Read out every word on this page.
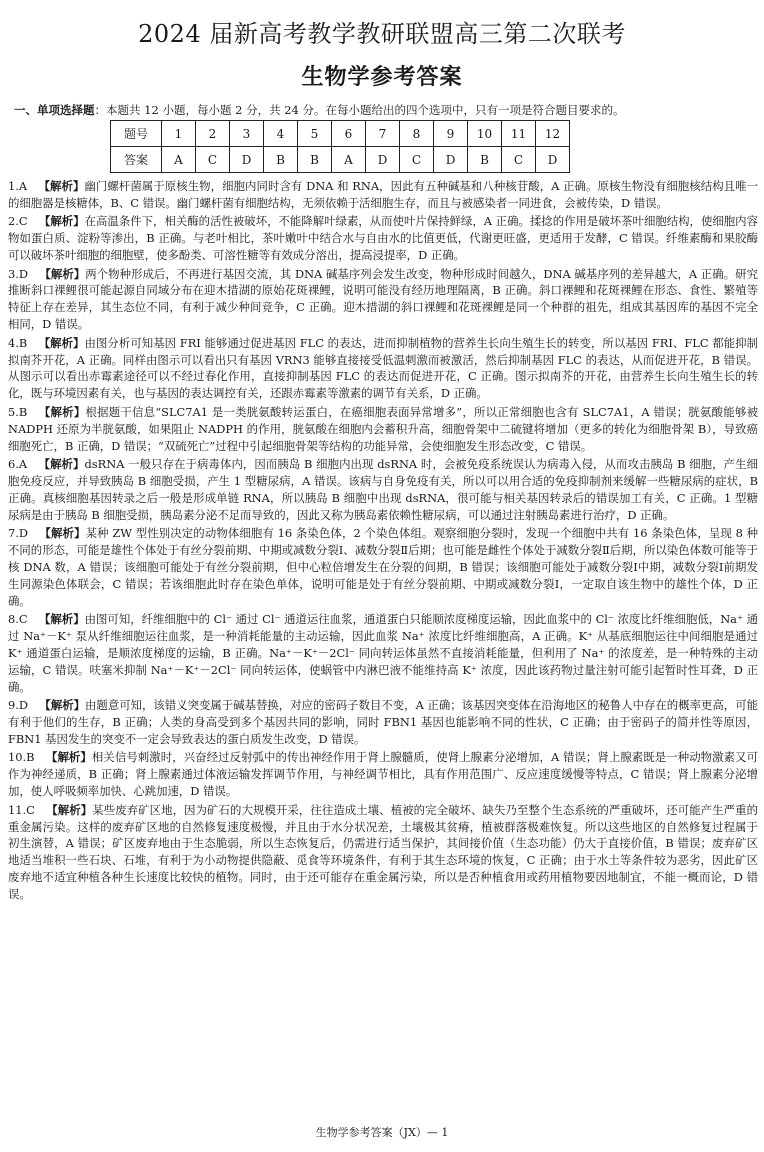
2024 届新高考教学教研联盟高三第二次联考
生物学参考答案
一、单项选择题：本题共 12 小题，每小题 2 分，共 24 分。在每小题给出的四个选项中，只有一项是符合题目要求的。
题号	1	2	3	4	5	6	7	8	9	10	11	12
答案	A	C	D	B	B	A	D	C	D	B	C	D

1.A  【解析】幽门螺杆菌属于原核生物，细胞内同时含有 DNA 和 RNA，因此有五种碱基和八种核苷酸，A 正确。原核生物没有细胞核结构且唯一的细胞器是核糖体，B、C 错误。幽门螺杆菌有细胞结构，无须依赖于活细胞生存，而且与被感染者一同进食，会被传染，D 错误。

2.C  【解析】在高温条件下，相关酶的活性被破坏，不能降解叶绿素，从而使叶片保持鲜绿，A 正确。揉捻的作用是破坏茶叶细胞结构，使细胞内容物如蛋白质、淀粉等渗出，B 正确。与老叶相比，茶叶嫩叶中结合水与自由水的比值更低，代谢更旺盛，更适用于发酵，C 错误。纤维素酶和果胶酶可以破坏茶叶细胞的细胞壁，使多酚类、可溶性糖等有效成分溶出，提高浸提率，D 正确。

3.D  【解析】两个物种形成后，不再进行基因交流，其 DNA 碱基序列会发生改变，物种形成时间越久，DNA 碱基序列的差异越大，A 正确。研究推断斜口裸鲤很可能起源自同域分布在迎木措湖的原始花斑裸鲤，说明可能没有经历地理隔离，B 正确。斜口裸鲤和花斑裸鲤在形态、食性、繁殖等特征上存在差异，其生态位不同，有利于减少种间竞争，C 正确。迎木措湖的斜口裸鲤和花斑裸鲤是同一个种群的祖先，组成其基因库的基因不完全相同，D 错误。

4.B  【解析】由图分析可知基因 FRI 能够通过促进基因 FLC 的表达，进而抑制植物的营养生长向生殖生长的转变，所以基因 FRI、FLC 都能抑制拟南芥开花，A 正确。同样由图示可以看出只有基因 VRN3 能够直接接受低温刺激而被激活，然后抑制基因 FLC 的表达，从而促进开花，B 错误。从图示可以看出赤霉素途径可以不经过春化作用，直接抑制基因 FLC 的表达而促进开花，C 正确。图示拟南芥的开花，由营养生长向生殖生长的转化，既与环境因素有关，也与基因的表达调控有关，还跟赤霉素等激素的调节有关系，D 正确。

5.B  【解析】根据题干信息“SLC7A1 是一类胱氨酸转运蛋白，在癌细胞表面异常增多”，所以正常细胞也含有 SLC7A1，A 错误；胱氨酸能够被 NADPH 还原为半胱氨酸，如果阻止 NADPH 的作用，胱氨酸在细胞内会蓄积升高，细胞骨架中二硫键将增加（更多的转化为细胞骨架 B），导致癌细胞死亡，B 正确，D 错误；“双硫死亡”过程中引起细胞骨架等结构的功能异常，会使细胞发生形态改变，C 错误。

6.A  【解析】dsRNA 一般只存在于病毒体内，因而胰岛 B 细胞内出现 dsRNA 时，会被免疫系统误认为病毒入侵，从而攻击胰岛 B 细胞，产生细胞免疫反应，并导致胰岛 B 细胞受损，产生 1 型糖尿病，A 错误。该病与自身免疫有关，所以可以用合适的免疫抑制剂来缓解一些糖尿病的症状，B 正确。真核细胞基因转录之后一般是形成单链 RNA，所以胰岛 B 细胞中出现 dsRNA，很可能与相关基因转录后的错误加工有关，C 正确。1 型糖尿病是由于胰岛 B 细胞受损，胰岛素分泌不足而导致的，因此又称为胰岛素依赖性糖尿病，可以通过注射胰岛素进行治疗，D 正确。

7.D  【解析】某种 ZW 型性别决定的动物体细胞有 16 条染色体，2 个染色体组。观察细胞分裂时，发现一个细胞中共有 16 条染色体，呈现 8 种不同的形态，可能是雄性个体处于有丝分裂前期、中期或减数分裂Ⅰ、减数分裂Ⅱ后期；也可能是雌性个体处于减数分裂Ⅱ后期，所以染色体数可能等于核 DNA 数，A 错误；该细胞可能处于有丝分裂前期，但中心粒倍增发生在分裂的间期，B 错误；该细胞可能处于减数分裂Ⅰ中期，减数分裂Ⅰ前期发生同源染色体联会，C 错误；若该细胞此时存在染色单体，说明可能是处于有丝分裂前期、中期或减数分裂Ⅰ，一定取自该生物中的雄性个体，D 正确。

8.C  【解析】由图可知，纤维细胞中的 Cl⁻ 通过 Cl⁻ 通道运往血浆，通道蛋白只能顺浓度梯度运输，因此血浆中的 Cl⁻ 浓度比纤维细胞低，Na⁺ 通过 Na⁺－K⁺ 泵从纤维细胞运往血浆，是一种消耗能量的主动运输，因此血浆 Na⁺ 浓度比纤维细胞高，A 正确。K⁺ 从基底细胞运往中间细胞是通过 K⁺ 通道蛋白运输，是顺浓度梯度的运输，B 正确。Na⁺－K⁺－2Cl⁻ 同向转运体虽然不直接消耗能量，但利用了 Na⁺ 的浓度差，是一种特殊的主动运输，C 错误。呋塞米抑制 Na⁺－K⁺－2Cl⁻ 同向转运体，使蜗管中内淋巴液不能维持高 K⁺ 浓度，因此该药物过量注射可能引起暂时性耳聋，D 正确。

9.D  【解析】由题意可知，该错义突变属于碱基替换，对应的密码子数目不变，A 正确；该基因突变体在沿海地区的秘鲁人中存在的概率更高，可能有利于他们的生存，B 正确；人类的身高受到多个基因共同的影响，同时 FBN1 基因也能影响不同的性状，C 正确；由于密码子的简并性等原因，FBN1 基因发生的突变不一定会导致表达的蛋白质发生改变，D 错误。

10.B  【解析】相关信号刺激时，兴奋经过反射弧中的传出神经作用于肾上腺髓质，使肾上腺素分泌增加，A 错误；肾上腺素既是一种动物激素又可作为神经递质，B 正确；肾上腺素通过体液运输发挥调节作用，与神经调节相比，具有作用范围广、反应速度缓慢等特点，C 错误；肾上腺素分泌增加，使人呼吸频率加快、心跳加速，D 错误。

11.C  【解析】某些废弃矿区地，因为矿石的大规模开采，往往造成土壤、植被的完全破坏、缺失乃至整个生态系统的严重破坏，还可能产生严重的重金属污染。这样的废弃矿区地的自然修复速度极慢，并且由于水分状况差，土壤极其贫瘠，植被群落极难恢复。所以这些地区的自然修复过程属于初生演替，A 错误；矿区废弃地由于生态脆弱，所以生态恢复后，仍需进行适当保护，其间接价值（生态功能）仍大于直接价值，B 错误；废弃矿区地适当堆积一些石块、石堆，有利于为小动物提供隐蔽、觅食等环境条件，有利于其生态环境的恢复，C 正确；由于水土等条件较为恶劣，因此矿区废弃地不适宜种植各种生长速度比较快的植物。同时，由于还可能存在重金属污染，所以是否种植食用或药用植物要因地制宜，不能一概而论，D 错误。

生物学参考答案（JX）— 1
